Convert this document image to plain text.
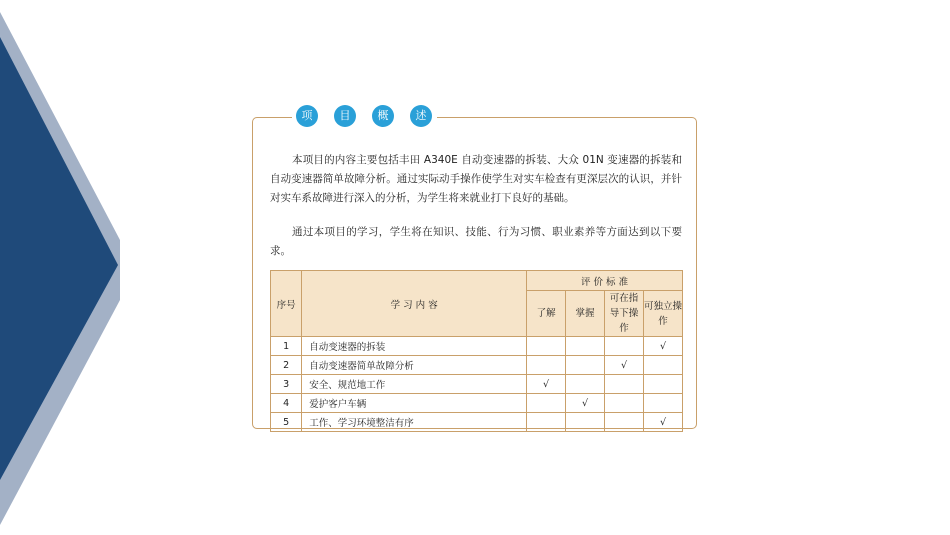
项	目	概	述
本项目的内容主要包括丰田 A340E 自动变速器的拆装、大众 01N 变速器的拆装和自动变速器简单故障分析。通过实际动手操作使学生对实车检查有更深层次的认识，并针对实车系故障进行深入的分析，为学生将来就业打下良好的基础。
通过本项目的学习，学生将在知识、技能、行为习惯、职业素养等方面达到以下要求。
序号	学 习 内 容	评 价 标 准			
		了解	掌握	可在指导下操作	可独立操作
1	自动变速器的拆装				√
2	自动变速器简单故障分析			√	
3	安全、规范地工作	√			
4	爱护客户车辆		√		
5	工作、学习环境整洁有序				√
